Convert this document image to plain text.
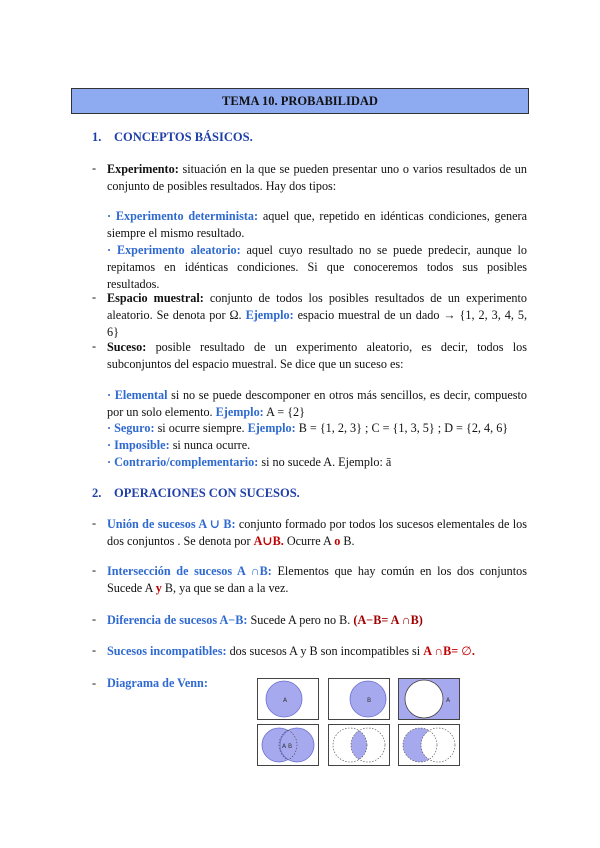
TEMA 10. PROBABILIDAD
1. CONCEPTOS BÁSICOS.
- Experimento: situación en la que se pueden presentar uno o varios resultados de un conjunto de posibles resultados. Hay dos tipos:

· Experimento determinista: aquel que, repetido en idénticas condiciones, genera siempre el mismo resultado.

· Experimento aleatorio: aquel cuyo resultado no se puede predecir, aunque lo repitamos en idénticas condiciones. Si que conoceremos todos sus posibles resultados.

- Espacio muestral: conjunto de todos los posibles resultados de un experimento aleatorio. Se denota por Ω. Ejemplo: espacio muestral de un dado → {1, 2, 3, 4, 5, 6}

- Suceso: posible resultado de un experimento aleatorio, es decir, todos los subconjuntos del espacio muestral. Se dice que un suceso es:

· Elemental si no se puede descomponer en otros más sencillos, es decir, compuesto por un solo elemento. Ejemplo: A = {2}

· Seguro: si ocurre siempre. Ejemplo: B = {1, 2, 3} ; C = {1, 3, 5} ; D = {2, 4, 6}

· Imposible: si nunca ocurre.

· Contrario/complementario: si no sucede A. Ejemplo: ā

2. OPERACIONES CON SUCESOS.
- Unión de sucesos A ∪ B: conjunto formado por todos los sucesos elementales de los dos conjuntos . Se denota por A∪B. Ocurre A o B.

- Intersección de sucesos A ∩B: Elementos que hay común en los dos conjuntos Sucede A y B, ya que se dan a la vez.

- Diferencia de sucesos A−B: Sucede A pero no B. (A−B= A ∩B)

- Sucesos incompatibles: dos sucesos A y B son incompatibles si A ∩B= ∅.

- Diagrama de Venn:
A	B	A
A B
